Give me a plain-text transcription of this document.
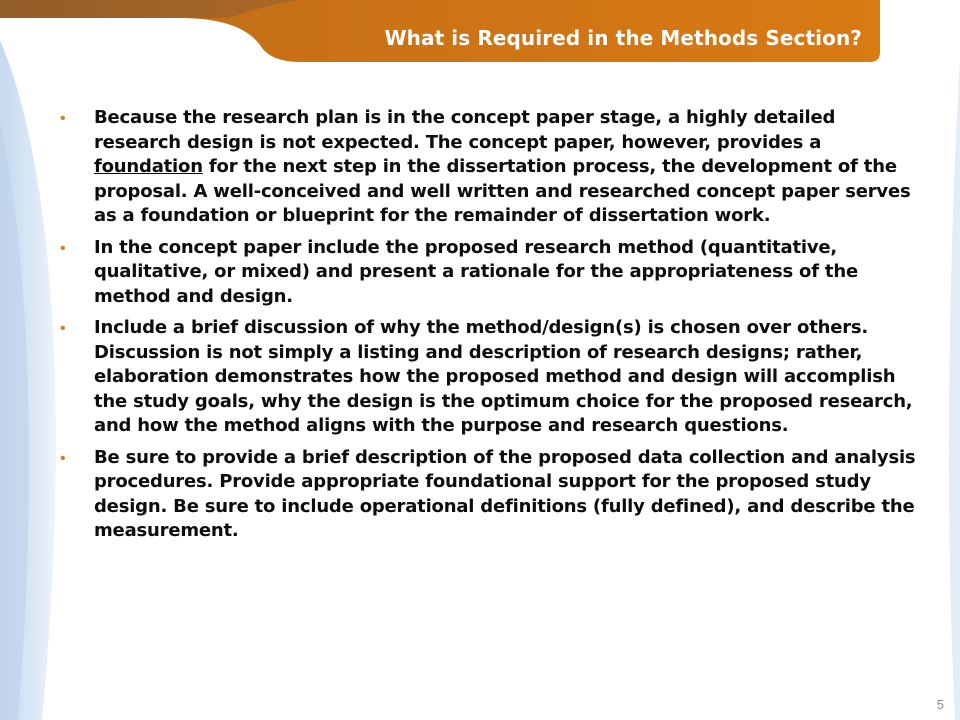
What is Required in the Methods Section?
• Because the research plan is in the concept paper stage, a highly detailed research design is not expected. The concept paper, however, provides a foundation for the next step in the dissertation process, the development of the proposal. A well-conceived and well written and researched concept paper serves as a foundation or blueprint for the remainder of dissertation work.
• In the concept paper include the proposed research method (quantitative, qualitative, or mixed) and present a rationale for the appropriateness of the method and design.
• Include a brief discussion of why the method/design(s) is chosen over others. Discussion is not simply a listing and description of research designs; rather, elaboration demonstrates how the proposed method and design will accomplish the study goals, why the design is the optimum choice for the proposed research, and how the method aligns with the purpose and research questions.
• Be sure to provide a brief description of the proposed data collection and analysis procedures. Provide appropriate foundational support for the proposed study design. Be sure to include operational definitions (fully defined), and describe the measurement.
5
